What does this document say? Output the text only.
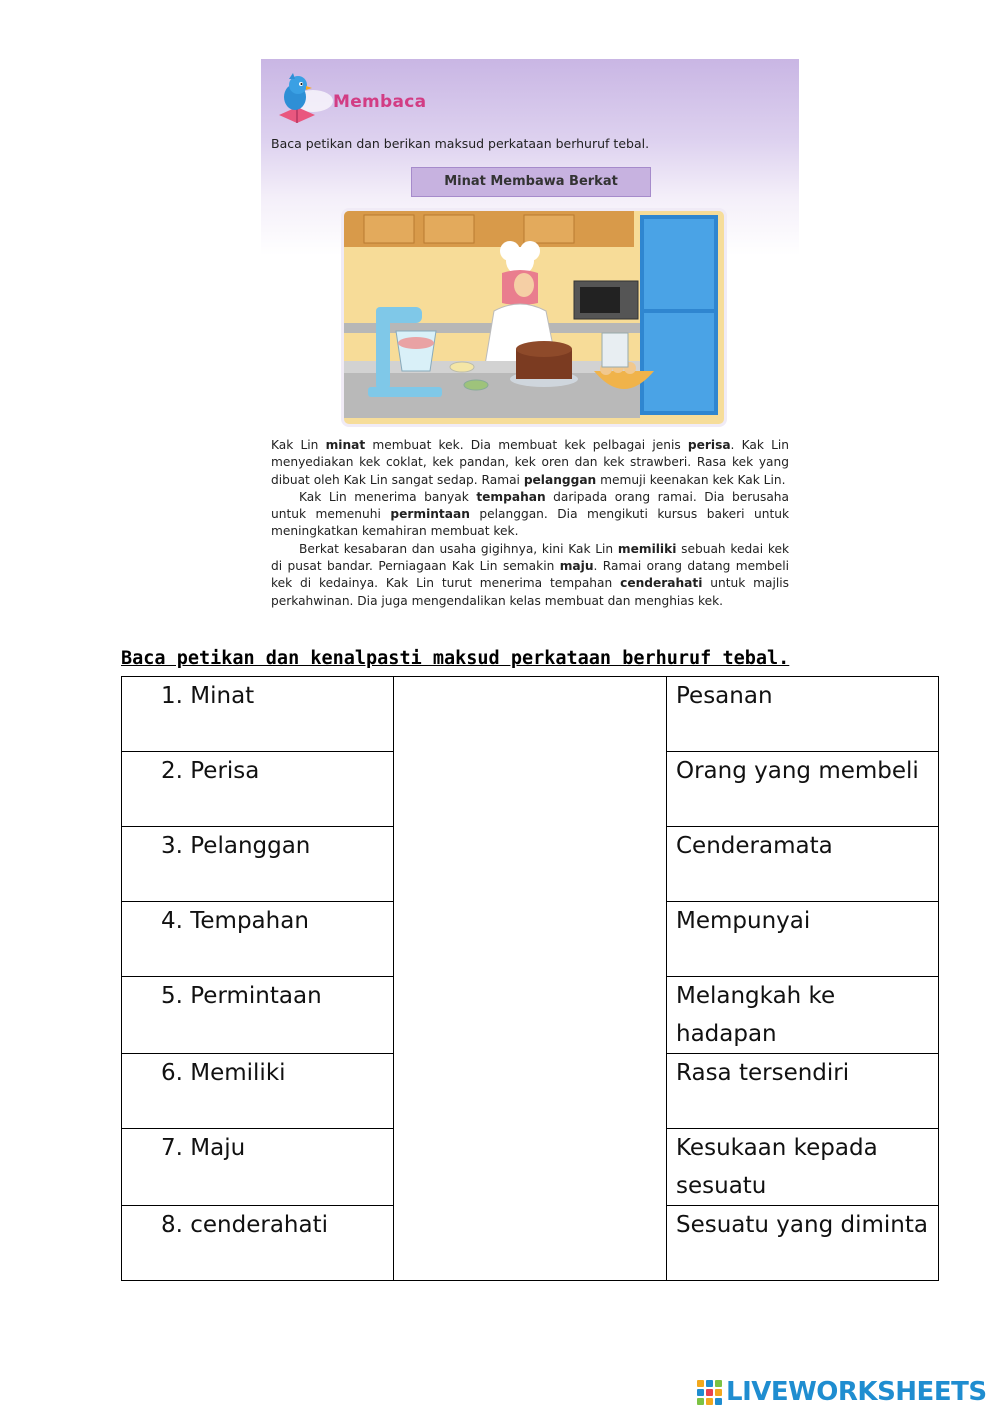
Membaca
Baca petikan dan berikan maksud perkataan berhuruf tebal.
Minat Membawa Berkat

Kak Lin minat membuat kek. Dia membuat kek pelbagai jenis perisa. Kak Lin menyediakan kek coklat, kek pandan, kek oren dan kek strawberi. Rasa kek yang dibuat oleh Kak Lin sangat sedap. Ramai pelanggan memuji keenakan kek Kak Lin.

Kak Lin menerima banyak tempahan daripada orang ramai. Dia berusaha untuk memenuhi permintaan pelanggan. Dia mengikuti kursus bakeri untuk meningkatkan kemahiran membuat kek.

Berkat kesabaran dan usaha gigihnya, kini Kak Lin memiliki sebuah kedai kek di pusat bandar. Perniagaan Kak Lin semakin maju. Ramai orang datang membeli kek di kedainya. Kak Lin turut menerima tempahan cenderahati untuk majlis perkahwinan. Dia juga mengendalikan kelas membuat dan menghias kek.

Baca petikan dan kenalpasti maksud perkataan berhuruf tebal.
1. Minat		Pesanan
2. Perisa		Orang yang membeli
3. Pelanggan		Cenderamata
4. Tempahan		Mempunyai
5. Permintaan		Melangkah ke hadapan
6. Memiliki		Rasa tersendiri
7. Maju		Kesukaan kepada sesuatu
8. cenderahati		Sesuatu yang diminta
LIVEWORKSHEETS
